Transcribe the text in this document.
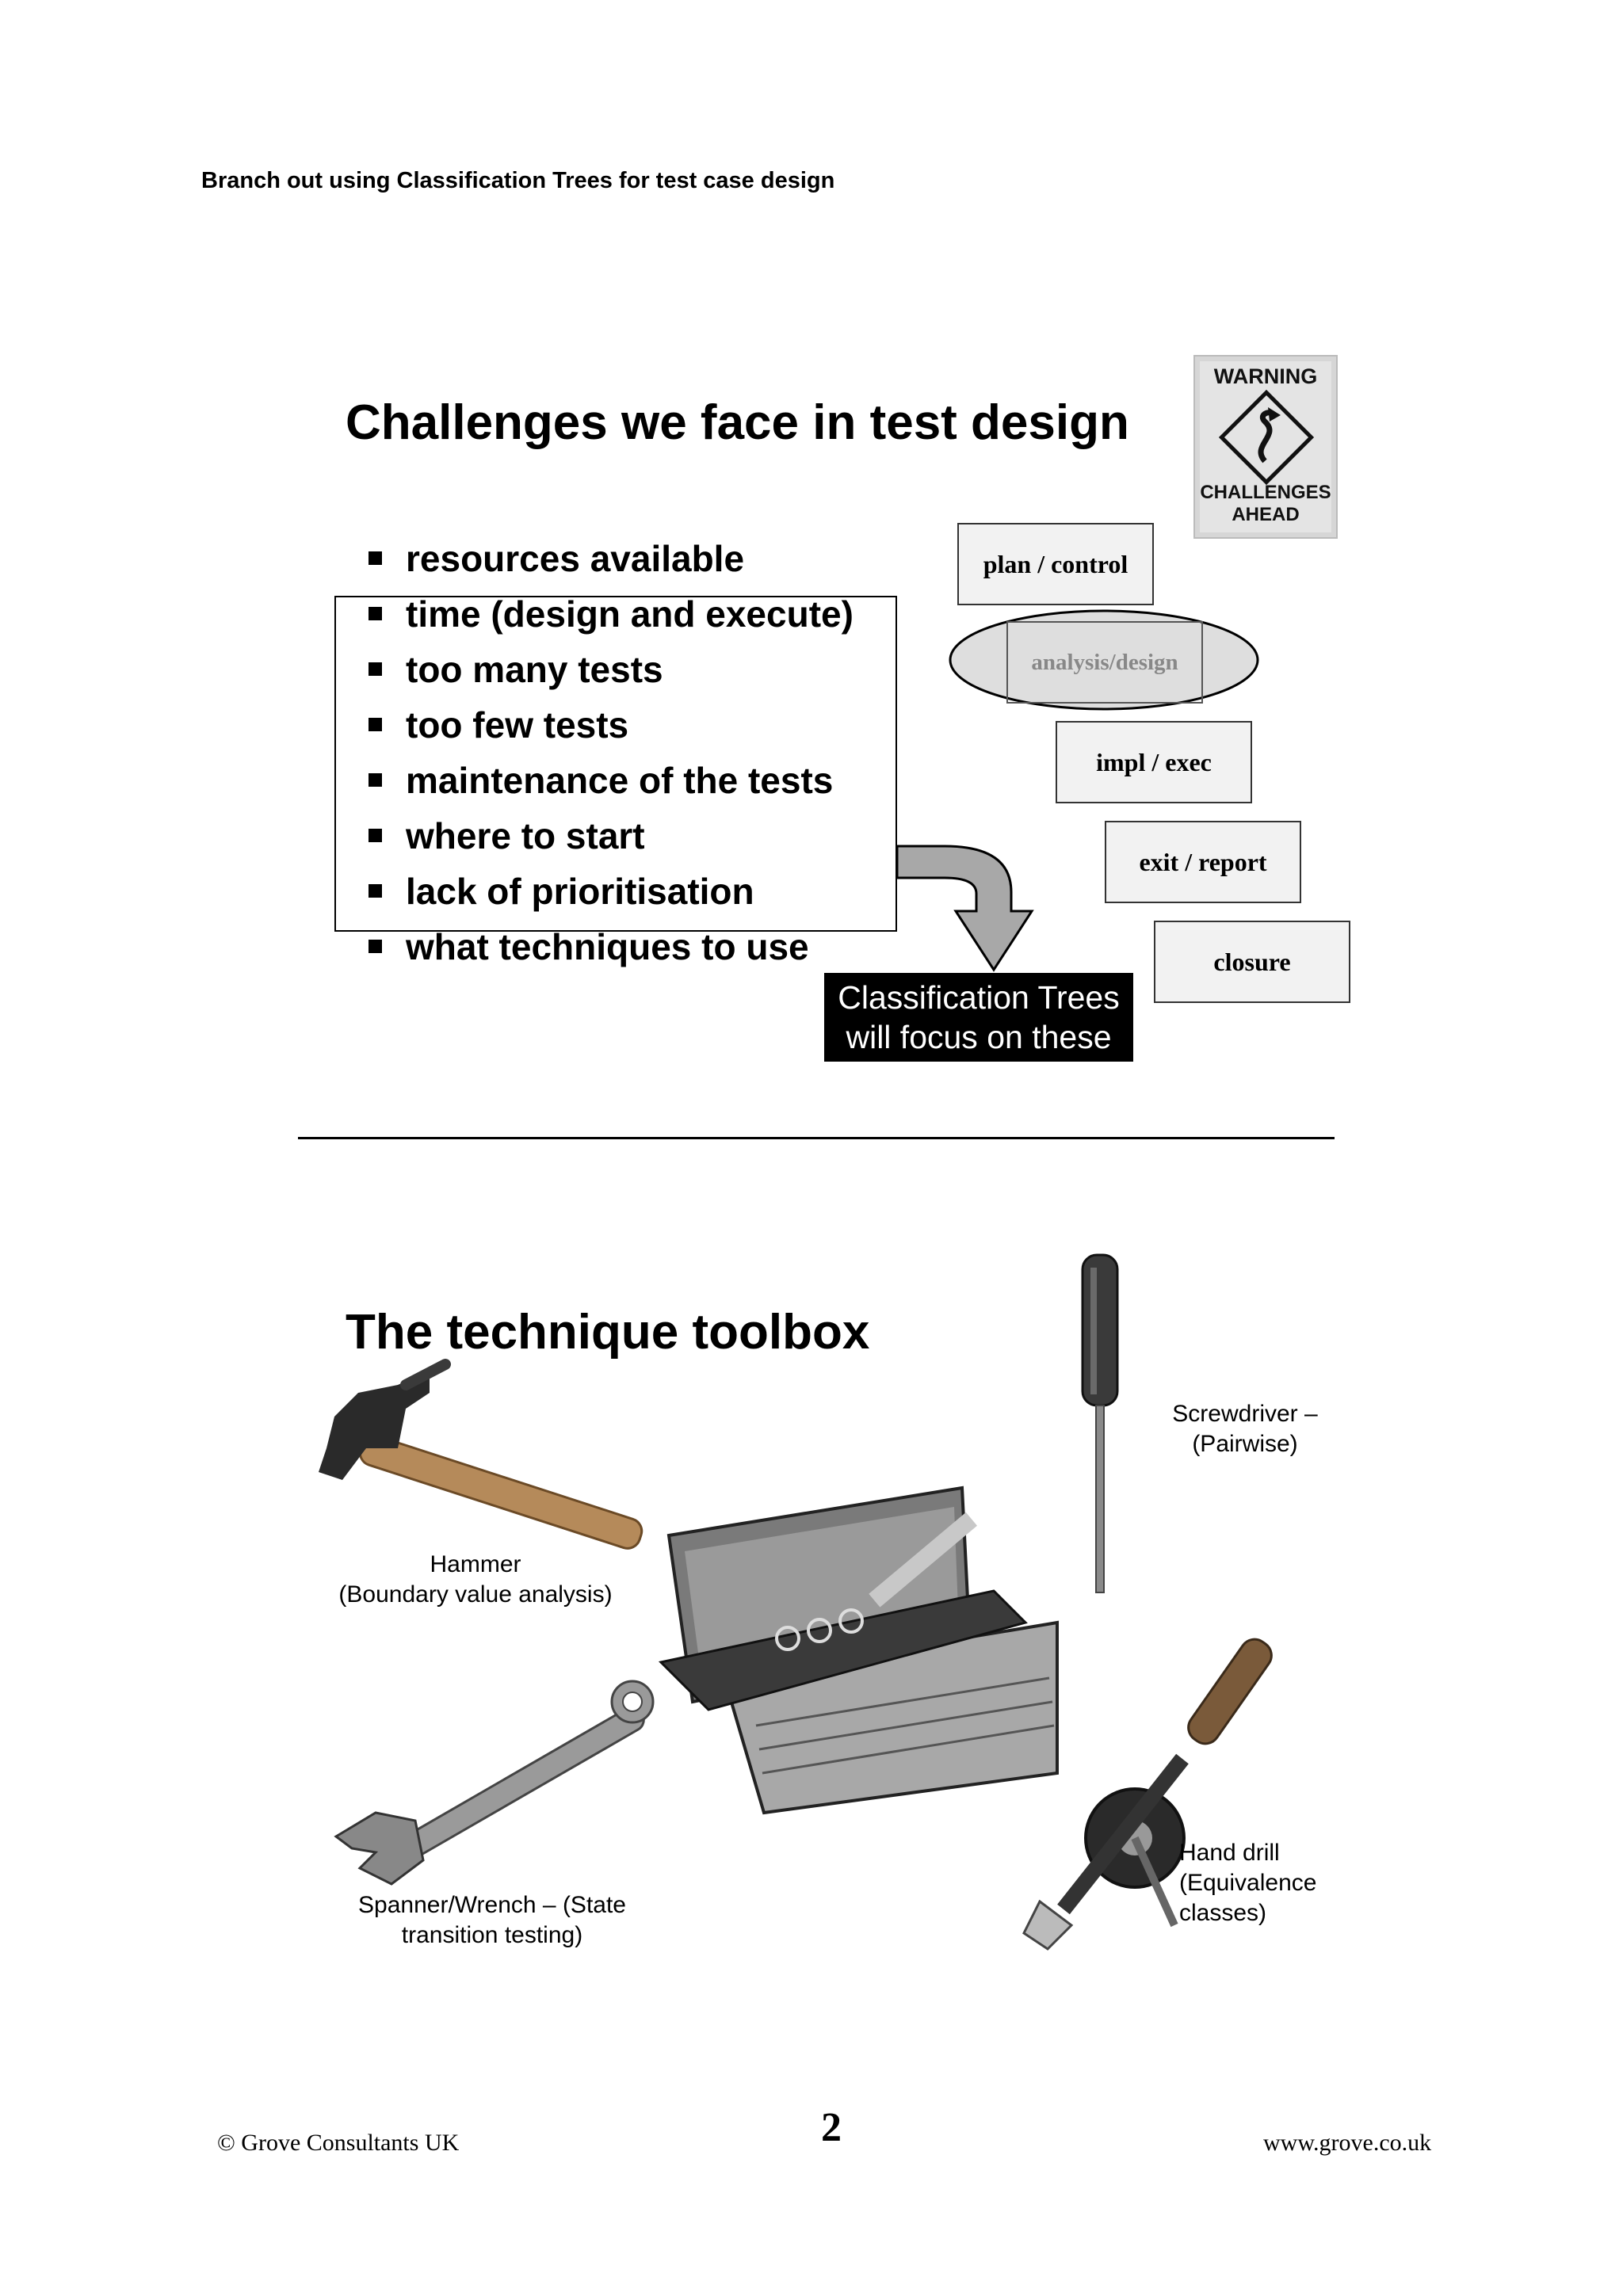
Branch out using Classification Trees for test case design
Challenges we face in test design
WARNING
CHALLENGES
AHEAD
resources available
time (design and execute)
too many tests
too few tests
maintenance of the tests
where to start
lack of prioritisation
what techniques to use
plan / control
analysis/design
impl / exec
exit / report
closure
Classification Trees
will focus on these
The technique toolbox
Hammer
(Boundary value analysis)
Screwdriver –
(Pairwise)
Spanner/Wrench – (State
transition testing)
Hand drill
(Equivalence
classes)
© Grove Consultants UK	2	www.grove.co.uk
